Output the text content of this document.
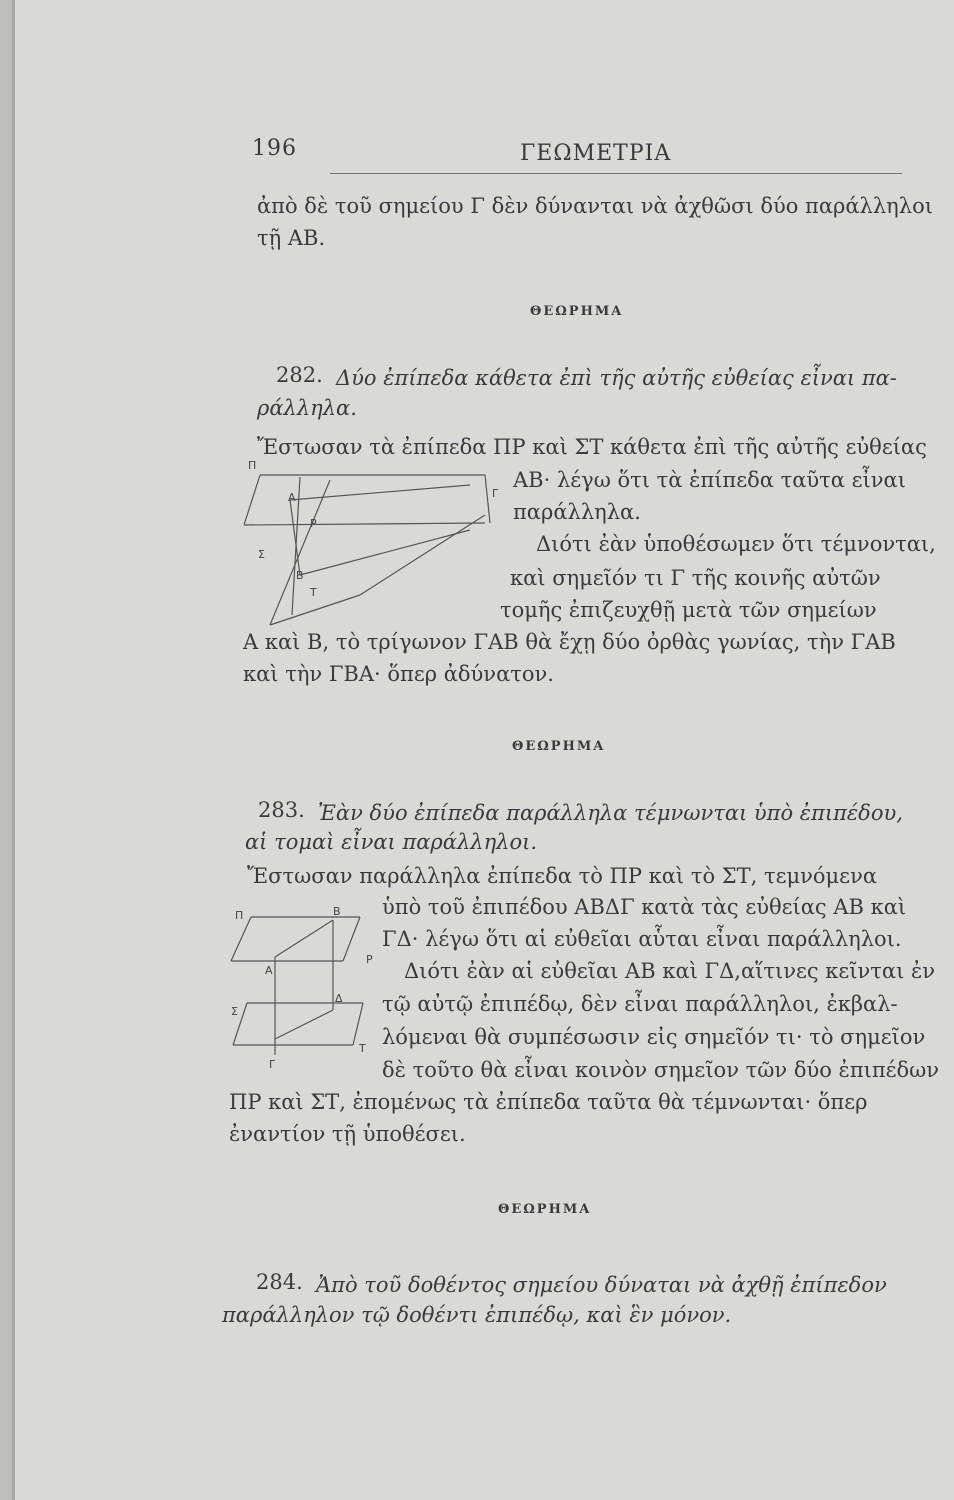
196	ΓΕΩΜΕΤΡΙΑ
ἀπὸ δὲ τοῦ σημείου Γ δὲν δύνανται νὰ ἀχθῶσι δύο παράλληλοι
τῇ ΑΒ.
ΘΕΩΡΗΜΑ
282. Δύο ἐπίπεδα κάθετα ἐπὶ τῆς αὐτῆς εὐθείας εἶναι πα-
ράλληλα.
Ἔστωσαν τὰ ἐπίπεδα ΠΡ καὶ ΣΤ κάθετα ἐπὶ τῆς αὐτῆς εὐθείας
ΑΒ· λέγω ὅτι τὰ ἐπίπεδα ταῦτα εἶναι
παράλληλα.
Διότι ἐὰν ὑποθέσωμεν ὅτι τέμνονται,
καὶ σημεῖόν τι Γ τῆς κοινῆς αὐτῶν
τομῆς ἐπιζευχθῇ μετὰ τῶν σημείων
Α καὶ Β, τὸ τρίγωνον ΓΑΒ θὰ ἔχῃ δύο ὀρθὰς γωνίας, τὴν ΓΑΒ
καὶ τὴν ΓΒΑ· ὅπερ ἀδύνατον.
Π
Α	Γ
Ρ
Σ
Β
Τ
ΘΕΩΡΗΜΑ
283. Ἐὰν δύο ἐπίπεδα παράλληλα τέμνωνται ὑπὸ ἐπιπέδου,
αἱ τομαὶ εἶναι παράλληλοι.
Ἔστωσαν παράλληλα ἐπίπεδα τὸ ΠΡ καὶ τὸ ΣΤ, τεμνόμενα
ὑπὸ τοῦ ἐπιπέδου ΑΒΔΓ κατὰ τὰς εὐθείας ΑΒ καὶ
ΓΔ· λέγω ὅτι αἱ εὐθεῖαι αὗται εἶναι παράλληλοι.
Διότι ἐὰν αἱ εὐθεῖαι ΑΒ καὶ ΓΔ,αἵτινες κεῖνται ἐν
τῷ αὐτῷ ἐπιπέδῳ, δὲν εἶναι παράλληλοι, ἐκβαλ-
λόμεναι θὰ συμπέσωσιν εἰς σημεῖόν τι· τὸ σημεῖον
δὲ τοῦτο θὰ εἶναι κοινὸν σημεῖον τῶν δύο ἐπιπέδων
ΠΡ καὶ ΣΤ, ἐπομένως τὰ ἐπίπεδα ταῦτα θὰ τέμνωνται· ὅπερ
ἐναντίον τῇ ὑποθέσει.
Π	Β
Ρ
Α
Σ
Δ
Τ
Γ
ΘΕΩΡΗΜΑ
284. Ἀπὸ τοῦ δοθέντος σημείου δύναται νὰ ἀχθῇ ἐπίπεδον
παράλληλον τῷ δοθέντι ἐπιπέδῳ, καὶ ἓν μόνον.
